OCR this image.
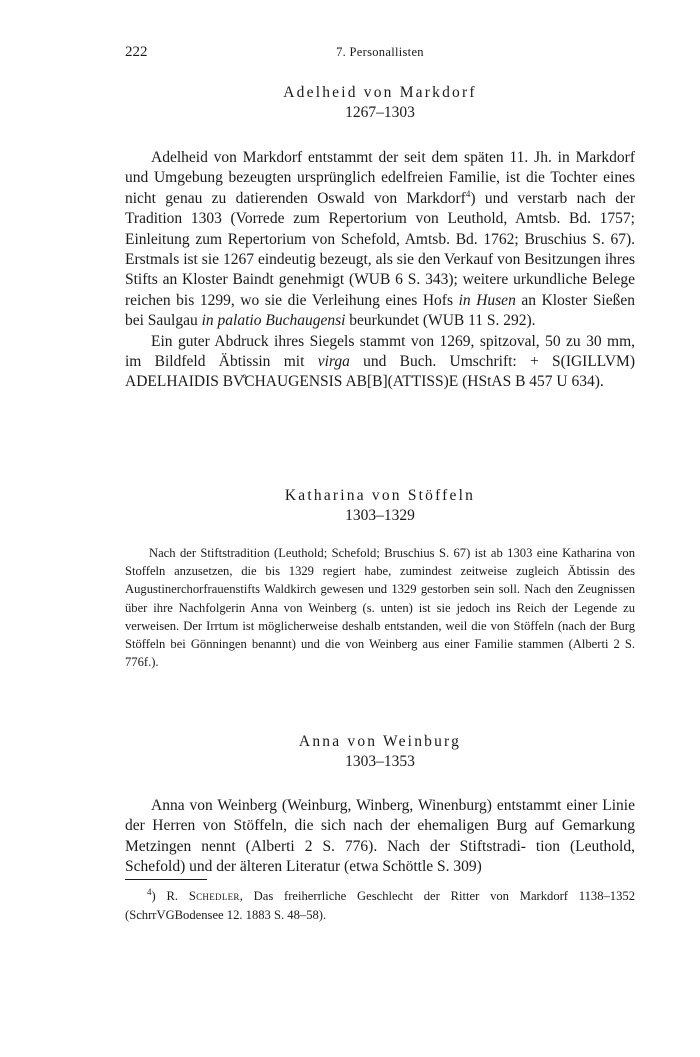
222	7. Personallisten
Adelheid von Markdorf
1267–1303

Adelheid von Markdorf entstammt der seit dem späten 11. Jh. in Markdorf und Umgebung bezeugten ursprünglich edelfreien Familie, ist die Tochter eines nicht genau zu datierenden Oswald von Markdorf$^4$) und verstarb nach der Tradition 1303 (Vorrede zum Repertorium von Leuthold, Amtsb. Bd. 1757; Einleitung zum Repertorium von Schefold, Amtsb. Bd. 1762; Bruschius S. 67). Erstmals ist sie 1267 eindeutig bezeugt, als sie den Verkauf von Besitzungen ihres Stifts an Kloster Baindt genehmigt (WUB 6 S. 343); weitere urkundliche Belege reichen bis 1299, wo sie die Verleihung eines Hofs in Husen an Kloster Sießen bei Saulgau in palatio Buchaugensi beurkundet (WUB 11 S. 292).

Ein guter Abdruck ihres Siegels stammt von 1269, spitzoval, 50 zu 30 mm, im Bildfeld Äbtissin mit virga und Buch. Umschrift: + S(IGILLVM) ADELHAIDIS BV̊CHAUGENSIS AB[B](ATTISS)E (HStAS B 457 U 634).

Katharina von Stöffeln
1303–1329

Nach der Stiftstradition (Leuthold; Schefold; Bruschius S. 67) ist ab 1303 eine Katharina von Stoffeln anzusetzen, die bis 1329 regiert habe, zumindest zeitweise zugleich Äbtissin des Augustinerchorfrauenstifts Waldkirch gewesen und 1329 gestorben sein soll. Nach den Zeugnissen über ihre Nachfolgerin Anna von Weinberg (s. unten) ist sie jedoch ins Reich der Legende zu verweisen. Der Irrtum ist möglicherweise deshalb entstanden, weil die von Stöffeln (nach der Burg Stöffeln bei Gönningen benannt) und die von Weinberg aus einer Familie stammen (Alberti 2 S. 776f.).

Anna von Weinburg
1303–1353

Anna von Weinberg (Weinburg, Winberg, Winenburg) entstammt einer Linie der Herren von Stöffeln, die sich nach der ehemaligen Burg auf Gemarkung Metzingen nennt (Alberti 2 S. 776). Nach der Stiftstradi- tion (Leuthold, Schefold) und der älteren Literatur (etwa Schöttle S. 309)

$^4$) R. Schedler, Das freiherrliche Geschlecht der Ritter von Markdorf 1138–1352 (SchrrVGBodensee 12. 1883 S. 48–58).
